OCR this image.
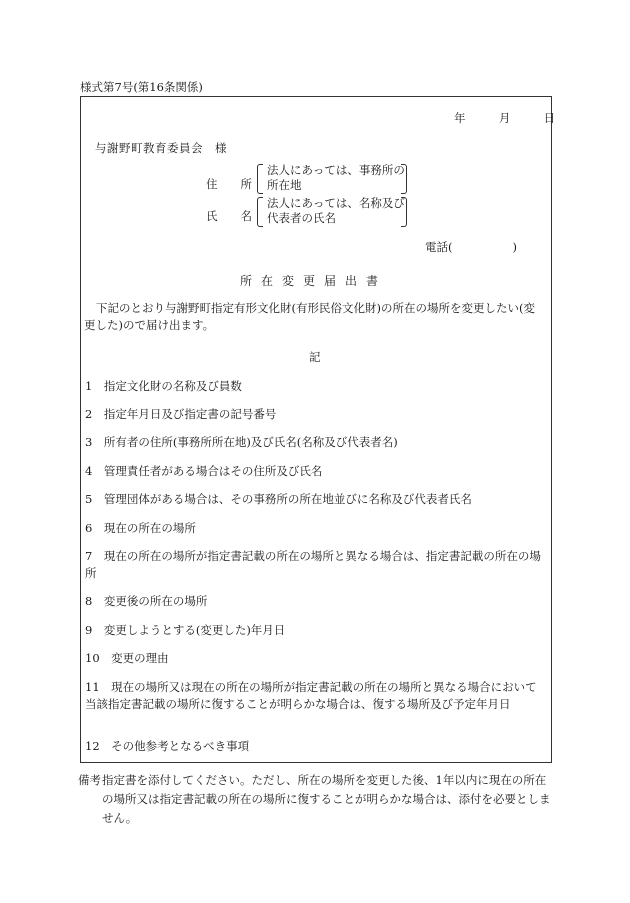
様式第7号(第16条関係)
年	月	日
与謝野町教育委員会　様
住　　所
法人にあっては、事務所の
所在地
氏　　名
法人にあっては、名称及び
代表者の氏名
電話(	)
所在変更届出書
下記のとおり与謝野町指定有形文化財(有形民俗文化財)の所在の場所を変更したい(変更した)ので届け出ます。
記
1　 指定文化財の名称及び員数
2　 指定年月日及び指定書の記号番号
3　 所有者の住所(事務所所在地)及び氏名(名称及び代表者名)
4　 管理責任者がある場合はその住所及び氏名
5　 管理団体がある場合は、その事務所の所在地並びに名称及び代表者氏名
6　 現在の所在の場所
7　 現在の所在の場所が指定書記載の所在の場所と異なる場合は、指定書記載の所在の場所
8　 変更後の所在の場所
9　 変更しようとする(変更した)年月日
10　 変更の理由
11　 現在の場所又は現在の所在の場所が指定書記載の所在の場所と異なる場合において当該指定書記載の場所に復することが明らかな場合は、復する場所及び予定年月日
12　 その他参考となるべき事項
備考 指定書を添付してください。ただし、所在の場所を変更した後、1年以内に現在の所在の場所又は指定書記載の所在の場所に復することが明らかな場合は、添付を必要としません。
